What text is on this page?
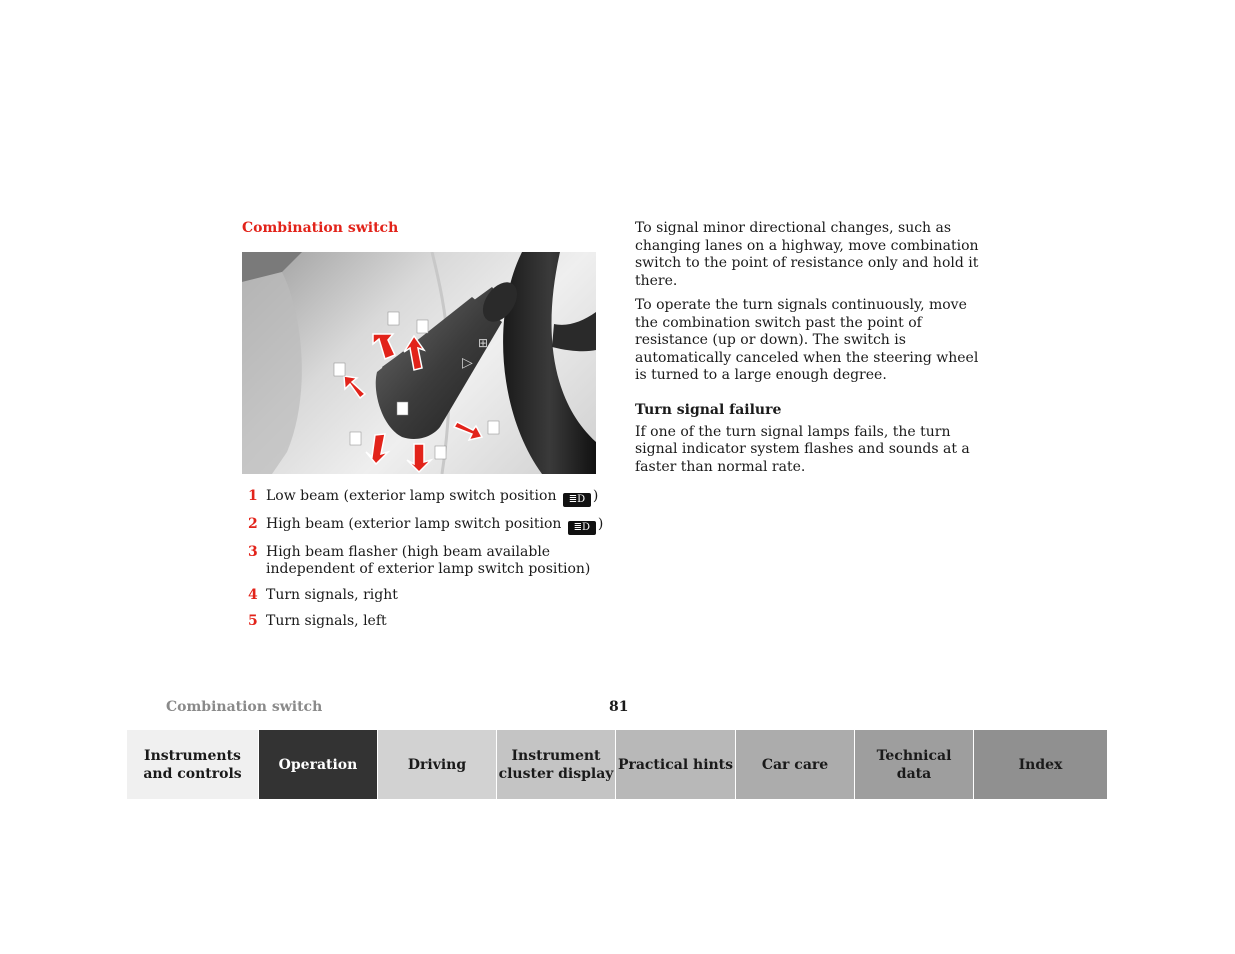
Combination switch
▷
⊞
1 Low beam (exterior lamp switch position ≣D )
2 High beam (exterior lamp switch position ≣D )
3 High beam flasher (high beam available independent of exterior lamp switch position)
4 Turn signals, right
5 Turn signals, left

To signal minor directional changes, such as changing lanes on a highway, move combination switch to the point of resistance only and hold it there.

To operate the turn signals continuously, move the combination switch past the point of resistance (up or down). The switch is automatically canceled when the steering wheel is turned to a large enough degree.

Turn signal failure

If one of the turn signal lamps fails, the turn signal indicator system flashes and sounds at a faster than normal rate.

Combination switch	81
Instruments
and controls
Operation	Driving
Instrument
cluster display
Practical hints	Car care
Technical
data
Index
